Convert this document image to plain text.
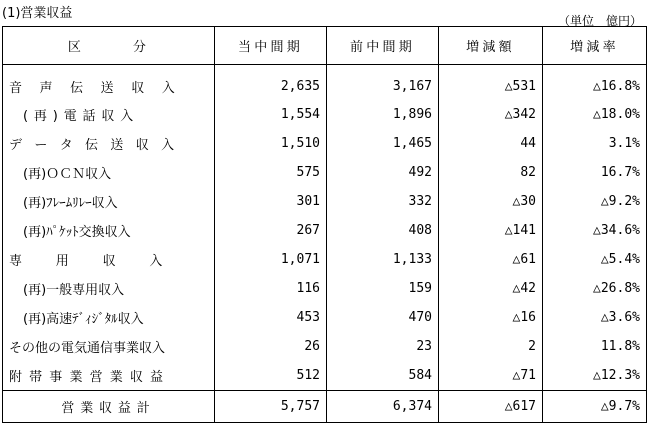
(1)営業収益	（単位　億円）
区　　　分	当中間期	前中間期	増減額	増減率
音声伝送収入	2,635	3,167	△531	△16.8%
(再)電話収入	1,554	1,896	△342	△18.0%
データ伝送収入	1,510	1,465	44	3.1%
(再)ＯＣＮ収入	575	492	82	16.7%
(再)ﾌﾚｰﾑﾘﾚｰ収入	301	332	△30	△9.2%
(再)ﾊﾟｹｯﾄ交換収入	267	408	△141	△34.6%
専用収入	1,071	1,133	△61	△5.4%
(再)一般専用収入	116	159	△42	△26.8%
(再)高速ﾃﾞｨｼﾞﾀﾙ収入	453	470	△16	△3.6%
その他の電気通信事業収入	26	23	2	11.8%
附帯事業営業収益	512	584	△71	△12.3%
営業収益計	5,757	6,374	△617	△9.7%
